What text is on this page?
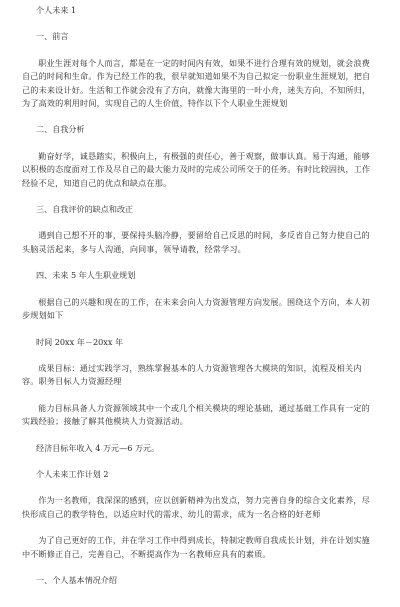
个人未来 1

一、前言

职业生涯对每个人而言，都是在一定的时间内有效，如果不进行合理有效的规划，就会浪费自己的时间和生命。作为已经工作的我，很早就知道如果不为自己拟定一份职业生涯规划，把自己的未来设计好。生活和工作就会没有了方向，就像大海里的一叶小舟，迷失方向，不知所归，为了高效的利用时间，实现自己的人生价值，特作以下个人职业生涯规划

二、自我分析

勤奋好学，诚恳踏实，积极向上，有极强的责任心，善于观察，做事认真。易于沟通，能够以积极的态度面对工作及尽自己的最大能力及时的完成公司所交于的任务。有时比较固执，工作经验不足，知道自己的优点和缺点在那。

三、自我评价的缺点和改正

遇到自己想不开的事，要保持头脑冷静，要留给自己反思的时间，多反省自己努力使自己的头脑灵活起来，多与人沟通，向同事，领导请教，经常学习。

四、未来 5 年人生职业规划

根据自己的兴趣和现在的工作，在未来会向人力资源管理方向发展。围绕这个方向，本人初步规划如下

时间 20xx 年－20xx 年

成果目标：通过实践学习，熟练掌握基本的人力资源管理各大模块的知识，流程及相关内容。职务目标人力资源经理

能力目标具备人力资源领域其中一个或几个相关模块的理论基础，通过基础工作具有一定的实践经验；接触了解其他模块人力资源活动。

经济目标年收入 4 万元—6 万元。

个人未来工作计划 2

作为一名教师，我深深的感到，应以创新精神为出发点，努力完善自身的综合文化素养，尽快形成自己的教学特色，以适应时代的需求、幼儿的需求，成为一名合格的好老师

为了自己更好的工作，并在学习工作中得到成长，特制定教师自我成长计划，并在计划实施中不断修正自己，完善自己，不断提高作为一名教师应具有的素质。

一、个人基本情况介绍
